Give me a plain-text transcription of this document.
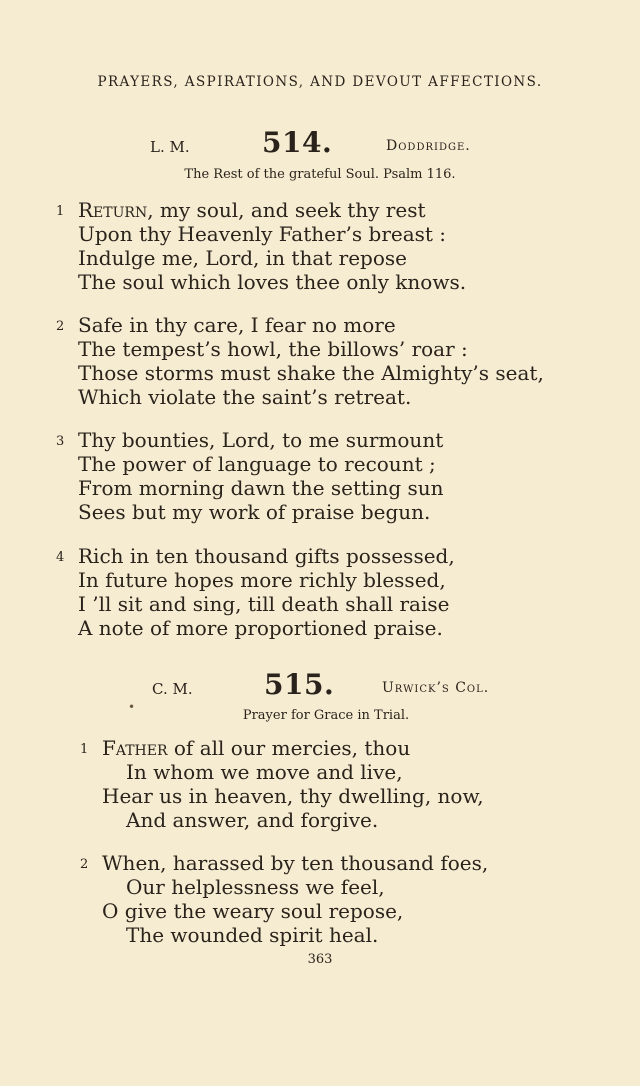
PRAYERS, ASPIRATIONS, AND DEVOUT AFFECTIONS.
L. M.	514.	Doddridge.
The Rest of the grateful Soul. Psalm 116.
1 Return, my soul, and seek thy rest
Upon thy Heavenly Father’s breast :
Indulge me, Lord, in that repose
The soul which loves thee only knows.
2 Safe in thy care, I fear no more
The tempest’s howl, the billows’ roar :
Those storms must shake the Almighty’s seat,
Which violate the saint’s retreat.
3 Thy bounties, Lord, to me surmount
The power of language to recount ;
From morning dawn the setting sun
Sees but my work of praise begun.
4 Rich in ten thousand gifts possessed,
In future hopes more richly blessed,
I ’ll sit and sing, till death shall raise
A note of more proportioned praise.
C. M.	515.	Urwick’s Col.
•
Prayer for Grace in Trial.
1 Father of all our mercies, thou
In whom we move and live,
Hear us in heaven, thy dwelling, now,
And answer, and forgive.
2 When, harassed by ten thousand foes,
Our helplessness we feel,
O give the weary soul repose,
The wounded spirit heal.
363
